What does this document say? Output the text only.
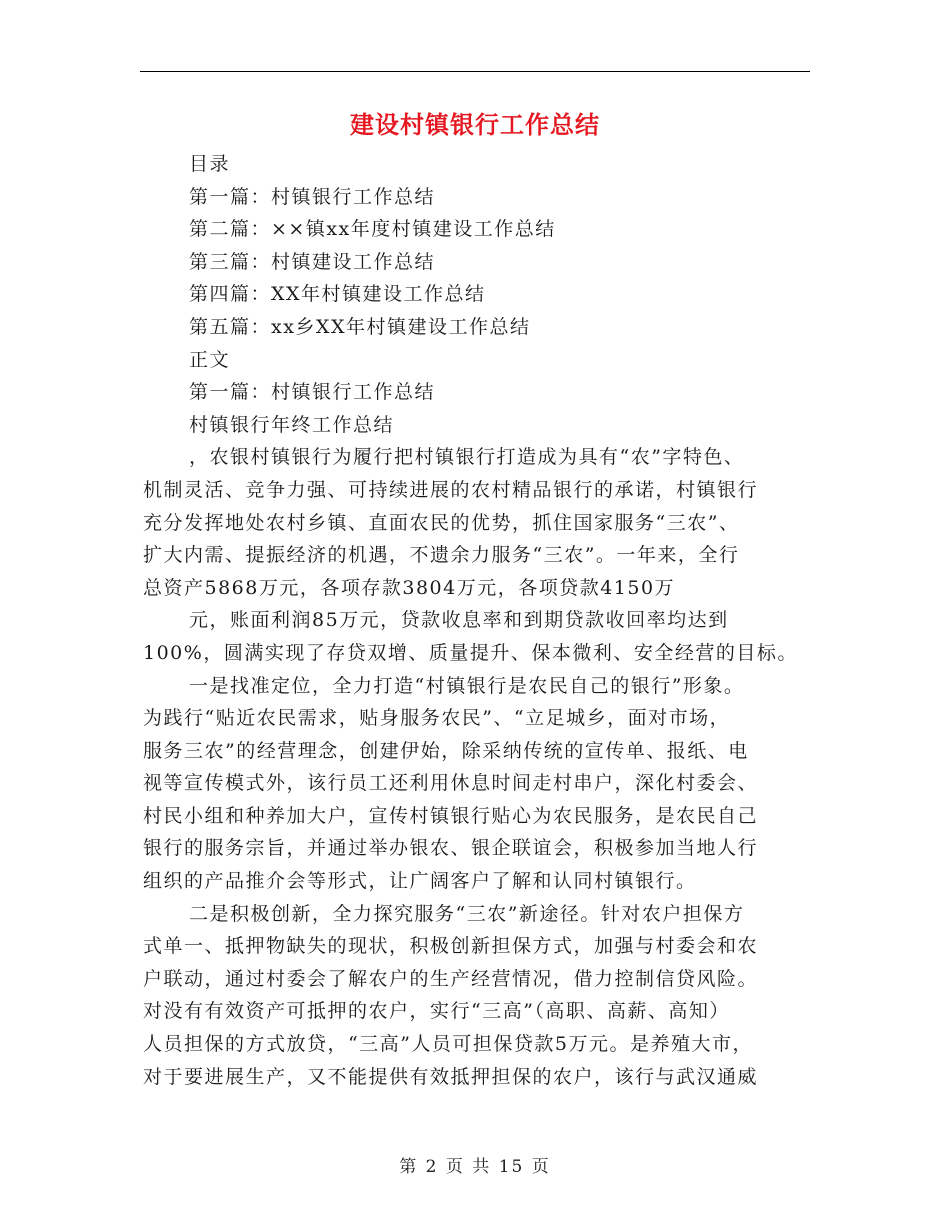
建设村镇银行工作总结

目录

第一篇：村镇银行工作总结

第二篇：××镇xx年度村镇建设工作总结

第三篇：村镇建设工作总结

第四篇：XX年村镇建设工作总结

第五篇：xx乡XX年村镇建设工作总结

正文

第一篇：村镇银行工作总结

村镇银行年终工作总结

，农银村镇银行为履行把村镇银行打造成为具有“农”字特色、

机制灵活、竞争力强、可持续进展的农村精品银行的承诺，村镇银行

充分发挥地处农村乡镇、直面农民的优势，抓住国家服务“三农”、

扩大内需、提振经济的机遇，不遗余力服务“三农”。一年来，全行

总资产5868万元，各项存款3804万元，各项贷款4150万

元，账面利润85万元，贷款收息率和到期贷款收回率均达到

100%，圆满实现了存贷双增、质量提升、保本微利、安全经营的目标。

一是找准定位，全力打造“村镇银行是农民自己的银行”形象。

为践行“贴近农民需求，贴身服务农民”、“立足城乡，面对市场，

服务三农”的经营理念，创建伊始，除采纳传统的宣传单、报纸、电

视等宣传模式外，该行员工还利用休息时间走村串户，深化村委会、

村民小组和种养加大户，宣传村镇银行贴心为农民服务，是农民自己

银行的服务宗旨，并通过举办银农、银企联谊会，积极参加当地人行

组织的产品推介会等形式，让广阔客户了解和认同村镇银行。

二是积极创新，全力探究服务“三农”新途径。针对农户担保方

式单一、抵押物缺失的现状，积极创新担保方式，加强与村委会和农

户联动，通过村委会了解农户的生产经营情况，借力控制信贷风险。

对没有有效资产可抵押的农户，实行“三高”（高职、高薪、高知）

人员担保的方式放贷，“三高”人员可担保贷款5万元。是养殖大市，

对于要进展生产，又不能提供有效抵押担保的农户，该行与武汉通威

第 2 页 共 15 页
